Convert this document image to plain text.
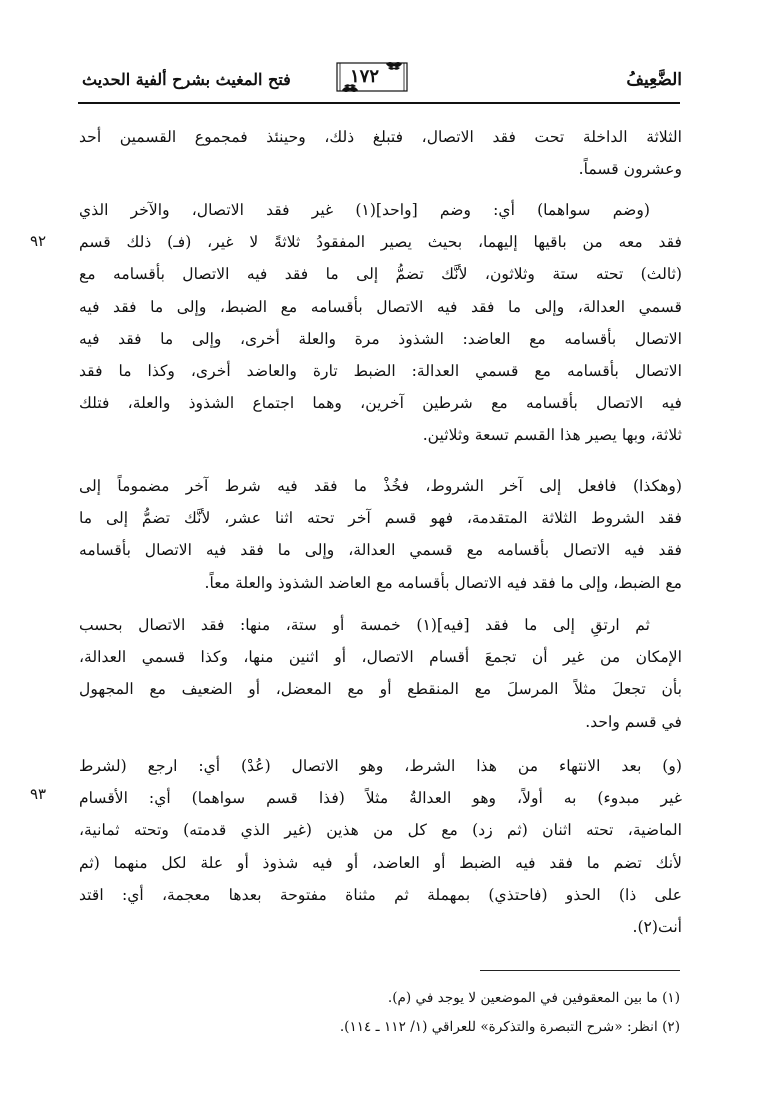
الضَّعِيفُ
١٧٢
فتح المغيث بشرح ألفية الحديث
الثلاثة الداخلة تحت فقد الاتصال، فتبلغ ذلك، وحينئذ فمجموع القسمين أحد
وعشرون قسماً.
٩٢
(وضم سواهما) أي: وضم [واحد](١) غير فقد الاتصال، والآخر الذي
فقد معه من باقيها إليهما، بحيث يصير المفقودُ ثلاثةً لا غير، (فـ) ذلك قسم
(ثالث) تحته ستة وثلاثون، لأنَّك تضمُّ إلى ما فقد فيه الاتصال بأقسامه مع
قسمي العدالة، وإلى ما فقد فيه الاتصال بأقسامه مع الضبط، وإلى ما فقد فيه
الاتصال بأقسامه مع العاضد: الشذوذ مرة والعلة أخرى، وإلى ما فقد فيه
الاتصال بأقسامه مع قسمي العدالة: الضبط تارة والعاضد أخرى، وكذا ما فقد
فيه الاتصال بأقسامه مع شرطين آخرين، وهما اجتماع الشذوذ والعلة، فتلك
ثلاثة، وبها يصير هذا القسم تسعة وثلاثين.
(وهكذا) فافعل إلى آخر الشروط، فخُذْ ما فقد فيه شرط آخر مضموماً إلى
فقد الشروط الثلاثة المتقدمة، فهو قسم آخر تحته اثنا عشر، لأنَّك تضمُّ إلى ما
فقد فيه الاتصال بأقسامه مع قسمي العدالة، وإلى ما فقد فيه الاتصال بأقسامه
مع الضبط، وإلى ما فقد فيه الاتصال بأقسامه مع العاضد الشذوذ والعلة معاً.
ثم ارتقِ إلى ما فقد [فيه](١) خمسة أو ستة، منها: فقد الاتصال بحسب
الإمكان من غير أن تجمعَ أقسام الاتصال، أو اثنين منها، وكذا قسمي العدالة،
بأن تجعلَ مثلاً المرسلَ مع المنقطع أو مع المعضل، أو الضعيف مع المجهول
في قسم واحد.
٩٣
(و) بعد الانتهاء من هذا الشرط، وهو الاتصال (عُدْ) أي: ارجع (لشرط
غير مبدوء) به أولاً، وهو العدالةُ مثلاً (فذا قسم سواهما) أي: الأقسام
الماضية، تحته اثنان (ثم زد) مع كل من هذين (غير الذي قدمته) وتحته ثمانية،
لأنك تضم ما فقد فيه الضبط أو العاضد، أو فيه شذوذ أو علة لكل منهما (ثم
على ذا) الحذو (فاحتذي) بمهملة ثم مثناة مفتوحة بعدها معجمة، أي: اقتد
أنت(٢).
(١) ما بين المعقوفين في الموضعين لا يوجد في (م).
(٢) انظر: «شرح التبصرة والتذكرة» للعراقي (١/ ١١٢ ـ ١١٤).
